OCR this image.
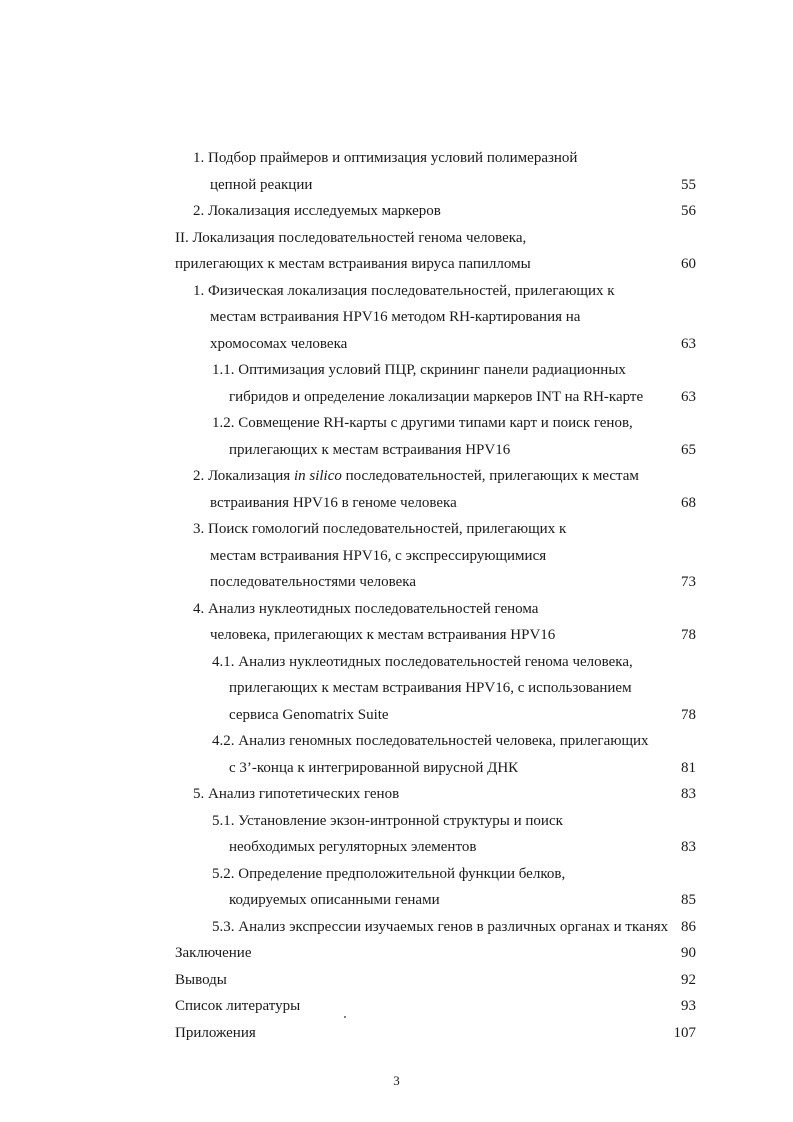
1. Подбор праймеров и оптимизация условий полимеразной
цепной реакции	55
2. Локализация исследуемых маркеров	56
II. Локализация последовательностей генома человека,
прилегающих к местам встраивания вируса папилломы	60
1. Физическая локализация последовательностей, прилегающих к
местам встраивания HPV16 методом RH-картирования на
хромосомах человека	63
1.1. Оптимизация условий ПЦР, скрининг панели радиационных
гибридов и определение локализации маркеров INT на RH-карте	63
1.2. Совмещение RH-карты с другими типами карт и поиск генов,
прилегающих к местам встраивания HPV16	65
2. Локализация in silico последовательностей, прилегающих к местам
встраивания HPV16 в геноме человека	68
3. Поиск гомологий последовательностей, прилегающих к
местам встраивания HPV16, с экспрессирующимися
последовательностями человека	73
4. Анализ нуклеотидных последовательностей генома
человека, прилегающих к местам встраивания HPV16	78
4.1. Анализ нуклеотидных последовательностей генома человека,
прилегающих к местам встраивания HPV16, с использованием
сервиса Genomatrix Suite	78
4.2. Анализ геномных последовательностей человека, прилегающих
с 3’-конца к интегрированной вирусной ДНК	81
5. Анализ гипотетических генов	83
5.1. Установление экзон-интронной структуры и поиск
необходимых регуляторных элементов	83
5.2. Определение предположительной функции белков,
кодируемых описанными генами	85
5.3. Анализ экспрессии изучаемых генов в различных органах и тканях 86
Заключение	90
Выводы	92
Список литературы	93
Приложения	107
3
